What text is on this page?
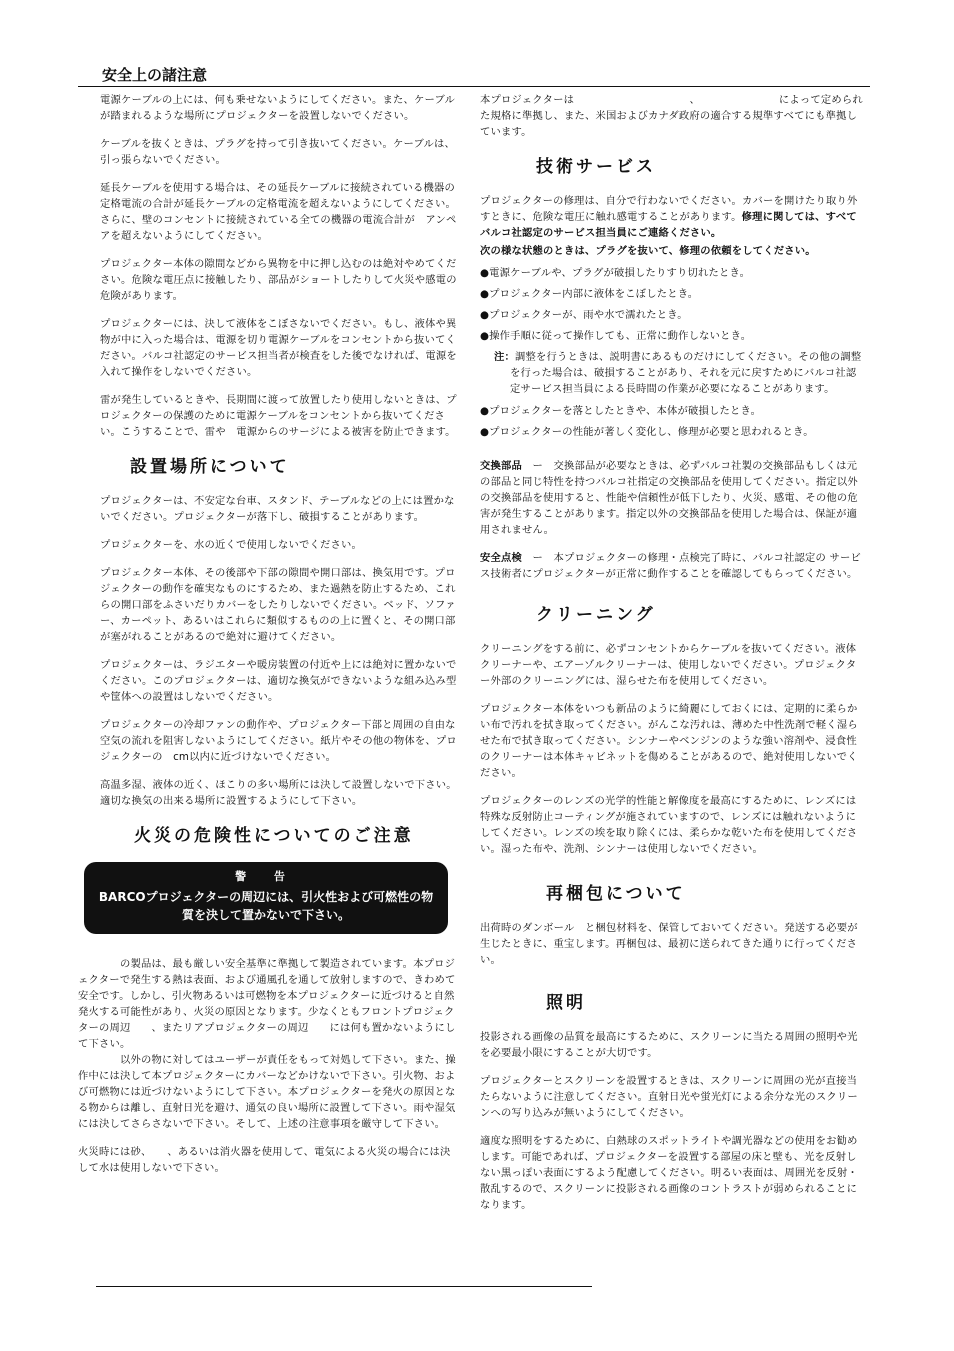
安全上の諸注意

電源ケーブルの上には、何も乗せないようにしてください。また、ケーブルが踏まれるような場所にプロジェクターを設置しないでください。

ケーブルを抜くときは、プラグを持って引き抜いてください。ケーブルは、引っ張らないでください。

延長ケーブルを使用する場合は、その延長ケーブルに接続されている機器の定格電流の合計が延長ケーブルの定格電流を超えないようにしてください。さらに、壁のコンセントに接続されている全ての機器の電流合計が　アンペアを超えないようにしてください。

プロジェクター本体の隙間などから異物を中に押し込むのは絶対やめてください。危険な電圧点に接触したり、部品がショートしたりして火災や感電の危険があります。

プロジェクターには、決して液体をこぼさないでください。もし、液体や異物が中に入った場合は、電源を切り電源ケーブルをコンセントから抜いてください。バルコ社認定のサービス担当者が検査をした後でなければ、電源を入れて操作をしないでください。

雷が発生しているときや、長期間に渡って放置したり使用しないときは、プロジェクターの保護のために電源ケーブルをコンセントから抜いてください。こうすることで、雷や　電源からのサージによる被害を防止できます。

設置場所について

プロジェクターは、不安定な台車、スタンド、テーブルなどの上には置かないでください。プロジェクターが落下し、破損することがあります。

プロジェクターを、水の近くで使用しないでください。

プロジェクター本体、その後部や下部の隙間や開口部は、換気用です。プロジェクターの動作を確実なものにするため、また過熱を防止するため、これらの開口部をふさいだりカバーをしたりしないでください。ベッド、ソファー、カーペット、あるいはこれらに類似するものの上に置くと、その開口部が塞がれることがあるので絶対に避けてください。

プロジェクターは、ラジエターや暖房装置の付近や上には絶対に置かないでください。このプロジェクターは、適切な換気ができないような組み込み型や筐体への設置はしないでください。

プロジェクターの冷却ファンの動作や、プロジェクター下部と周囲の自由な空気の流れを阻害しないようにしてください。紙片やその他の物体を、プロジェクターの　cm以内に近づけないでください。

高温多湿、液体の近く、ほこりの多い場所には決して設置しないで下さい。適切な換気の出来る場所に設置するようにして下さい。

火災の危険性についてのご注意
警 告
BARCOプロジェクターの周辺には、引火性および可燃性の物質を決して置かないで下さい。

の製品は、最も厳しい安全基準に準拠して製造されています。本プロジェクターで発生する熱は表面、および通風孔を通して放射しますので、きわめて安全です。しかし、引火物あるいは可燃物を本プロジェクターに近づけると自然発火する可能性があり、火災の原因となります。少なくともフロントプロジェクターの周辺　　、またリアプロジェクターの周辺　　には何も置かないようにして下さい。

以外の物に対してはユーザーが責任をもって対処して下さい。また、操作中には決して本プロジェクターにカバーなどかけないで下さい。引火物、および可燃物には近づけないようにして下さい。本プロジェクターを発火の原因となる物からは離し、直射日光を避け、通気の良い場所に設置して下さい。雨や湿気には決してさらさないで下さい。そして、上述の注意事項を厳守して下さい。

火災時には砂、　　、あるいは消火器を使用して、電気による火災の場合には決して水は使用しないで下さい。

本プロジェクターは　　　　　　　　　　　、　　　　　　　　によって定められた規格に準拠し、また、米国およびカナダ政府の適合する規準すべてにも準拠しています。

技術サービス

プロジェクターの修理は、自分で行わないでください。カバーを開けたり取り外すときに、危険な電圧に触れ感電することがあります。修理に関しては、すべてバルコ社認定のサービス担当員にご連絡ください。

次の様な状態のときは、プラグを抜いて、修理の依頼をしてください。

●電源ケーブルや、プラグが破損したりすり切れたとき。

●プロジェクター内部に液体をこぼしたとき。

●プロジェクターが、雨や水で濡れたとき。

●操作手順に従って操作しても、正常に動作しないとき。

注：調整を行うときは、説明書にあるものだけにしてください。その他の調整を行った場合は、破損することがあり、それを元に戻すためにバルコ社認定サービス担当員による長時間の作業が必要になることがあります。

●プロジェクターを落としたときや、本体が破損したとき。

●プロジェクターの性能が著しく変化し、修理が必要と思われるとき。

交換部品　 ー　交換部品が必要なときは、必ずバルコ社製の交換部品もしくは元の部品と同じ特性を持つバルコ社指定の交換部品を使用してください。指定以外の交換部品を使用すると、性能や信頼性が低下したり、火災、感電、その他の危害が発生することがあります。指定以外の交換部品を使用した場合は、保証が適用されません。

安全点検　 ー　本プロジェクターの修理・点検完了時に、バルコ社認定の サービス技術者にプロジェクターが正常に動作することを確認してもらってください。

クリーニング

クリーニングをする前に、必ずコンセントからケーブルを抜いてください。液体クリーナーや、エアーゾルクリーナーは、使用しないでください。プロジェクター外部のクリーニングには、湿らせた布を使用してください。

プロジェクター本体をいつも新品のように綺麗にしておくには、定期的に柔らかい布で汚れを拭き取ってください。がんこな汚れは、薄めた中性洗剤で軽く湿らせた布で拭き取ってください。シンナーやベンジンのような強い溶剤や、浸食性のクリーナーは本体キャビネットを傷めることがあるので、絶対使用しないでください。

プロジェクターのレンズの光学的性能と解像度を最高にするために、レンズには特殊な反射防止コーティングが施されていますので、レンズには触れないようにしてください。レンズの埃を取り除くには、柔らかな乾いた布を使用してください。湿った布や、洗剤、シンナーは使用しないでください。

再梱包について

出荷時のダンボール　と梱包材料を、保管しておいてください。発送する必要が生じたときに、重宝します。再梱包は、最初に送られてきた通りに行ってください。

照明

投影される画像の品質を最高にするために、スクリーンに当たる周囲の照明や光を必要最小限にすることが大切です。

プロジェクターとスクリーンを設置するときは、スクリーンに周囲の光が直接当たらないように注意してください。直射日光や蛍光灯による余分な光のスクリーンへの写り込みが無いようにしてください。

適度な照明をするために、白熱球のスポットライトや調光器などの使用をお勧めします。可能であれば、プロジェクターを設置する部屋の床と壁も、光を反射しない黒っぽい表面にするよう配慮してください。明るい表面は、周囲光を反射・散乱するので、スクリーンに投影される画像のコントラストが弱められることになります。
